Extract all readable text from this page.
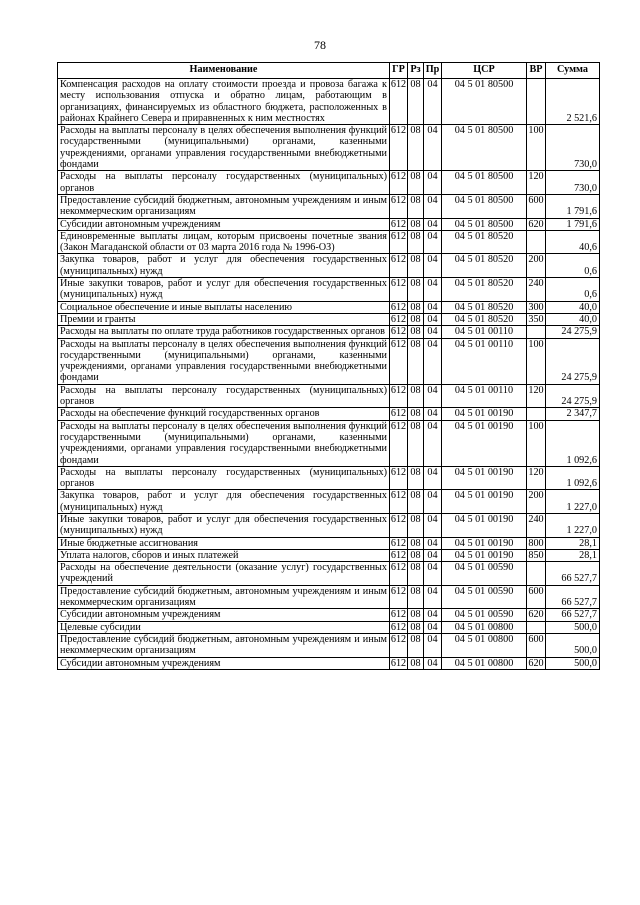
78
Наименование	ГР	Рз	Пр	ЦСР	ВР	Сумма
Компенсация расходов на оплату стоимости проезда и провоза багажа к месту использования отпуска и обратно лицам, работающим в организациях, финансируемых из областного бюджета, расположенных в районах Крайнего Севера и приравненных к ним местностях	612	08	04	04 5 01 80500		2 521,6
Расходы на выплаты персоналу в целях обеспечения выполнения функций государственными (муниципальными) органами, казенными учреждениями, органами управления государственными внебюджетными фондами	612	08	04	04 5 01 80500	100	730,0
Расходы на выплаты персоналу государственных (муниципальных) органов	612	08	04	04 5 01 80500	120	730,0
Предоставление субсидий бюджетным, автономным учреждениям и иным некоммерческим организациям	612	08	04	04 5 01 80500	600	1 791,6
Субсидии автономным учреждениям	612	08	04	04 5 01 80500	620	1 791,6
Единовременные выплаты лицам, которым присвоены почетные звания (Закон Магаданской области от 03 марта 2016 года № 1996-ОЗ)	612	08	04	04 5 01 80520		40,6
Закупка товаров, работ и услуг для обеспечения государственных (муниципальных) нужд	612	08	04	04 5 01 80520	200	0,6
Иные закупки товаров, работ и услуг для обеспечения государственных (муниципальных) нужд	612	08	04	04 5 01 80520	240	0,6
Социальное обеспечение и иные выплаты населению	612	08	04	04 5 01 80520	300	40,0
Премии и гранты	612	08	04	04 5 01 80520	350	40,0
Расходы на выплаты по оплате труда работников государственных органов	612	08	04	04 5 01 00110		24 275,9
Расходы на выплаты персоналу в целях обеспечения выполнения функций государственными (муниципальными) органами, казенными учреждениями, органами управления государственными внебюджетными фондами	612	08	04	04 5 01 00110	100	24 275,9
Расходы на выплаты персоналу государственных (муниципальных) органов	612	08	04	04 5 01 00110	120	24 275,9
Расходы на обеспечение функций государственных органов	612	08	04	04 5 01 00190		2 347,7
Расходы на выплаты персоналу в целях обеспечения выполнения функций государственными (муниципальными) органами, казенными учреждениями, органами управления государственными внебюджетными фондами	612	08	04	04 5 01 00190	100	1 092,6
Расходы на выплаты персоналу государственных (муниципальных) органов	612	08	04	04 5 01 00190	120	1 092,6
Закупка товаров, работ и услуг для обеспечения государственных (муниципальных) нужд	612	08	04	04 5 01 00190	200	1 227,0
Иные закупки товаров, работ и услуг для обеспечения государственных (муниципальных) нужд	612	08	04	04 5 01 00190	240	1 227,0
Иные бюджетные ассигнования	612	08	04	04 5 01 00190	800	28,1
Уплата налогов, сборов и иных платежей	612	08	04	04 5 01 00190	850	28,1
Расходы на обеспечение деятельности (оказание услуг) государственных учреждений	612	08	04	04 5 01 00590		66 527,7
Предоставление субсидий бюджетным, автономным учреждениям и иным некоммерческим организациям	612	08	04	04 5 01 00590	600	66 527,7
Субсидии автономным учреждениям	612	08	04	04 5 01 00590	620	66 527,7
Целевые субсидии	612	08	04	04 5 01 00800		500,0
Предоставление субсидий бюджетным, автономным учреждениям и иным некоммерческим организациям	612	08	04	04 5 01 00800	600	500,0
Субсидии автономным учреждениям	612	08	04	04 5 01 00800	620	500,0
